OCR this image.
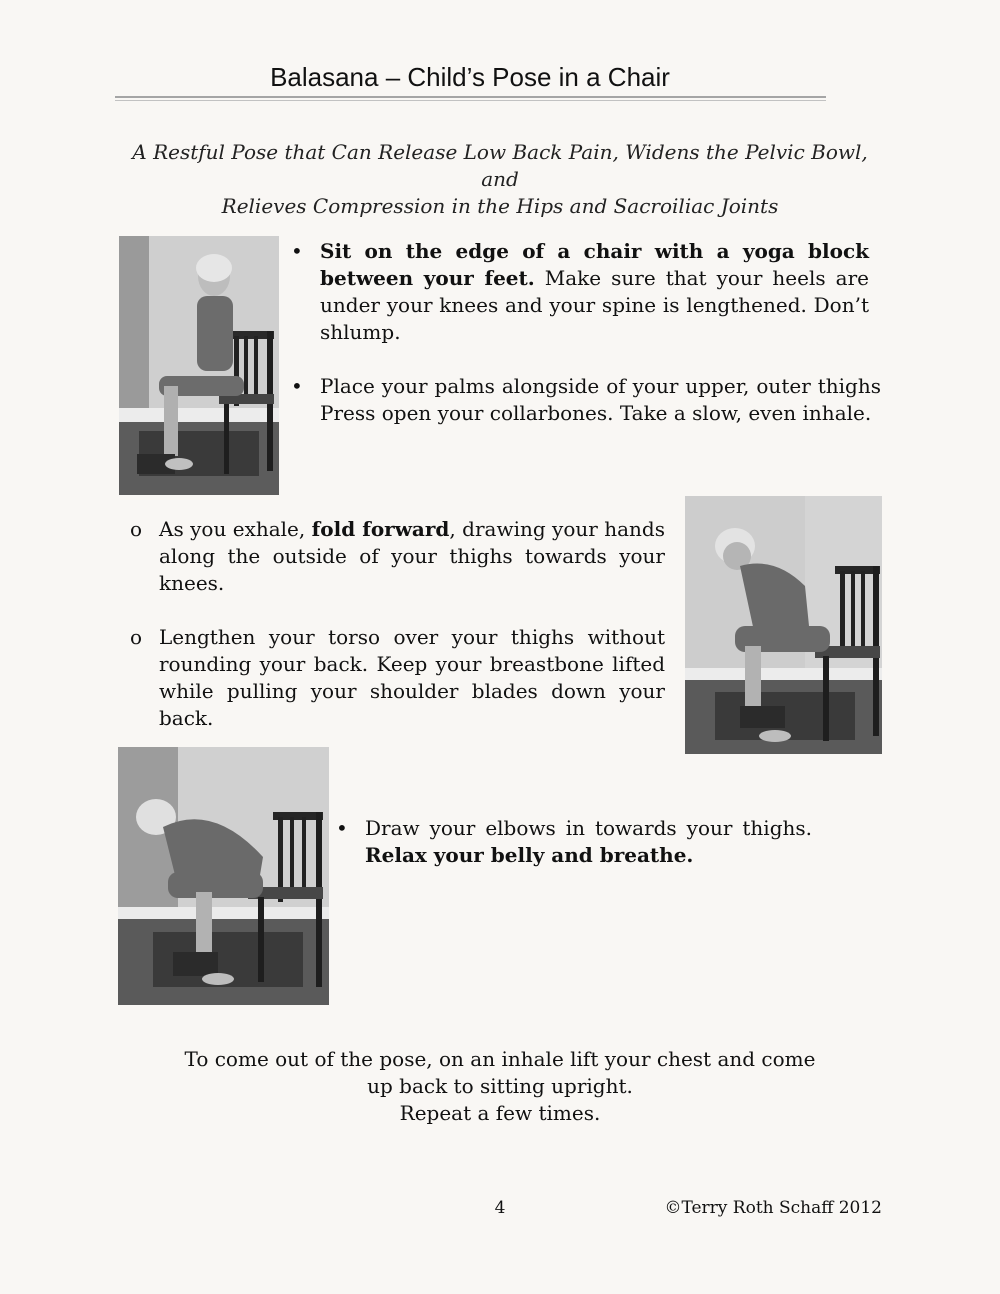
Balasana – Child’s Pose in a Chair
A Restful Pose that Can Release Low Back Pain, Widens the Pelvic Bowl, and
Relieves Compression in the Hips and Sacroiliac Joints
• Sit on the edge of a chair with a yoga block between your feet. Make sure that your heels are under your knees and your spine is lengthened. Don’t shlump.
• Place your palms alongside of your upper, outer thighs Press open your collarbones. Take a slow, even inhale.
o As you exhale, fold forward, drawing your hands along the outside of your thighs towards your knees.
o Lengthen your torso over your thighs without rounding your back. Keep your breastbone lifted while pulling your shoulder blades down your back.
• Draw your elbows in towards your thighs. Relax your belly and breathe.
To come out of the pose, on an inhale lift your chest and come
up back to sitting upright.
Repeat a few times.
4	©Terry Roth Schaff 2012
